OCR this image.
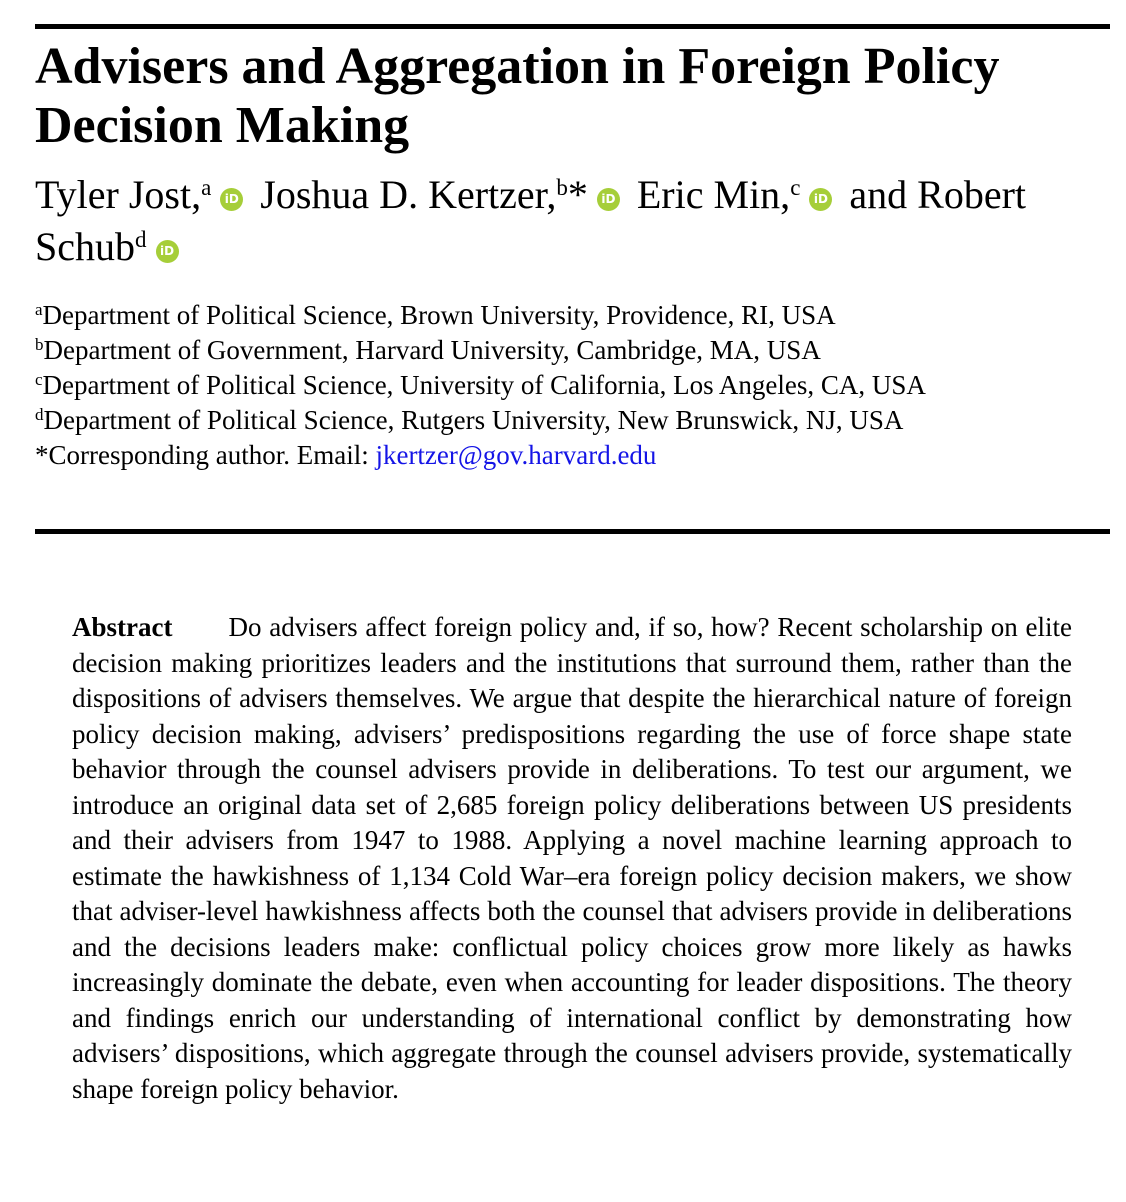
Advisers and Aggregation in Foreign Policy Decision Making
Tyler Jost,$^a$ iD Joshua D. Kertzer,$^b$* iD Eric Min,$^c$ iD and Robert Schub$^d$ iD

$^a$Department of Political Science, Brown University, Providence, RI, USA

$^b$Department of Government, Harvard University, Cambridge, MA, USA

$^c$Department of Political Science, University of California, Los Angeles, CA, USA

$^d$Department of Political Science, Rutgers University, New Brunswick, NJ, USA

*Corresponding author. Email: jkertzer@gov.harvard.edu

Abstract Do advisers affect foreign policy and, if so, how? Recent scholarship on elite decision making prioritizes leaders and the institutions that surround them, rather than the dispositions of advisers themselves. We argue that despite the hierarchical nature of foreign policy decision making, advisers’ predispositions regarding the use of force shape state behavior through the counsel advisers provide in deliberations. To test our argument, we introduce an original data set of 2,685 foreign policy deliberations between US presidents and their advisers from 1947 to 1988. Applying a novel machine learning approach to estimate the hawkishness of 1,134 Cold War–era foreign policy decision makers, we show that adviser-level hawkishness affects both the counsel that advisers provide in deliberations and the decisions leaders make: conflictual policy choices grow more likely as hawks increasingly dominate the debate, even when accounting for leader dispositions. The theory and findings enrich our understanding of international conflict by demonstrating how advisers’ dispositions, which aggregate through the counsel advisers provide, systematically shape foreign policy behavior.
